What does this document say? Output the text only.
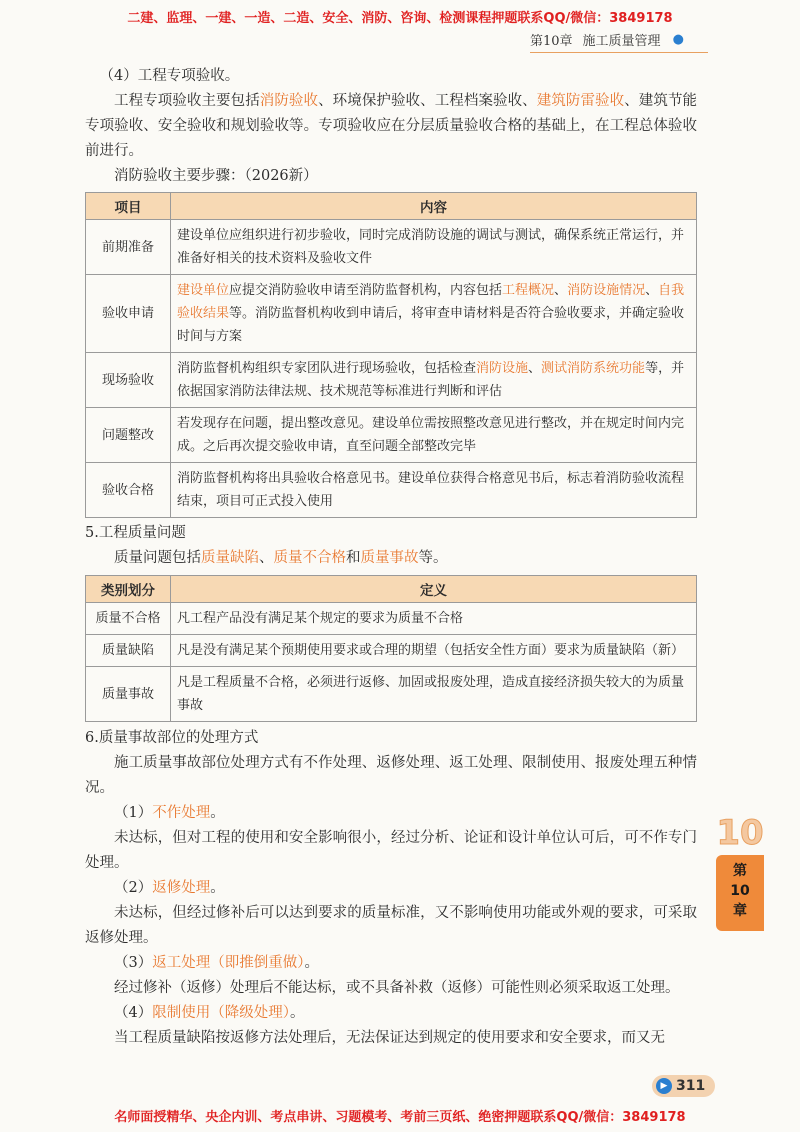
二建、监理、一建、一造、二造、安全、消防、咨询、检测课程押题联系QQ/微信：3849178
第10章 施工质量管理 ●

（4）工程专项验收。

工程专项验收主要包括消防验收、环境保护验收、工程档案验收、建筑防雷验收、建筑节能专项验收、安全验收和规划验收等。专项验收应在分层质量验收合格的基础上，在工程总体验收前进行。

消防验收主要步骤：（2026新）

项目	内容
前期准备	建设单位应组织进行初步验收，同时完成消防设施的调试与测试，确保系统正常运行，并准备好相关的技术资料及验收文件
验收申请	建设单位应提交消防验收申请至消防监督机构，内容包括工程概况、消防设施情况、自我验收结果等。消防监督机构收到申请后，将审查申请材料是否符合验收要求，并确定验收时间与方案
现场验收	消防监督机构组织专家团队进行现场验收，包括检查消防设施、测试消防系统功能等，并依据国家消防法律法规、技术规范等标准进行判断和评估
问题整改	若发现存在问题，提出整改意见。建设单位需按照整改意见进行整改，并在规定时间内完成。之后再次提交验收申请，直至问题全部整改完毕
验收合格	消防监督机构将出具验收合格意见书。建设单位获得合格意见书后，标志着消防验收流程结束，项目可正式投入使用

5.工程质量问题

质量问题包括质量缺陷、质量不合格和质量事故等。

类别划分	定义
质量不合格	凡工程产品没有满足某个规定的要求为质量不合格
质量缺陷	凡是没有满足某个预期使用要求或合理的期望（包括安全性方面）要求为质量缺陷（新）
质量事故	凡是工程质量不合格，必须进行返修、加固或报废处理，造成直接经济损失较大的为质量事故

6.质量事故部位的处理方式

施工质量事故部位处理方式有不作处理、返修处理、返工处理、限制使用、报废处理五种情况。

（1）不作处理。

未达标，但对工程的使用和安全影响很小，经过分析、论证和设计单位认可后，可不作专门处理。

（2）返修处理。

未达标，但经过修补后可以达到要求的质量标准，又不影响使用功能或外观的要求，可采取返修处理。

（3）返工处理（即推倒重做）。

经过修补（返修）处理后不能达标，或不具备补救（返修）可能性则必须采取返工处理。

（4）限制使用（降级处理）。

当工程质量缺陷按返修方法处理后，无法保证达到规定的使用要求和安全要求，而又无

10
第
10
章
▶ 311
名师面授精华、央企内训、考点串讲、习题模考、考前三页纸、绝密押题联系QQ/微信：3849178
